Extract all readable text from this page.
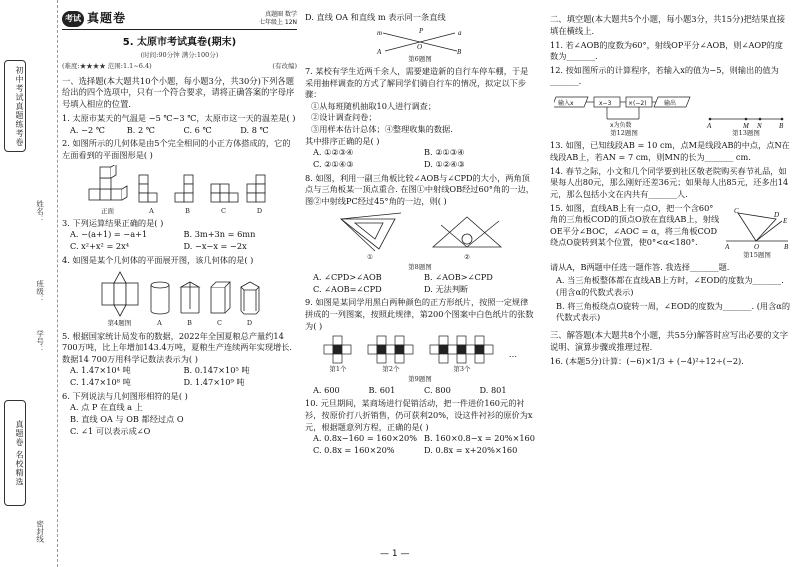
初中考试真题练考卷
姓名：
班级：
学号：
真题卷 名校精选
密封线
考试 真题卷	真题圈 数学
七年级上 12N
5. 太原市考试真卷(期末)
(时间:90分钟 满分:100分)
(难度:★★★★ 范围:1.1~6.4)	(有改编)
一、选择题(本大题共10个小题，每小题3分，共30分)下列各题给出的四个选项中，只有一个符合要求，请将正确答案的字母序号填入相应的位置.
1. 太原市某天的气温是 −5 ℃~3 ℃，太原市这一天的温差是( )
A. −2 ℃	B. 2 ℃	C. 6 ℃	D. 8 ℃
2. 如图所示的几何体是由5个完全相同的小正方体搭成的，它的左面看到的平面图形是( )
正面	A	B	C	D
3. 下列运算结果正确的是( )
A. −(a+1) = −a+1	B. 3m+3n = 6mn
C. x²+x² = 2x⁴	D. −x−x = −2x
4. 如图是某个几何体的平面展开图，该几何体的是( )
第4题图	A	B	C	D
5. 根据国家统计局发布的数据，2022年全国夏粮总产量约14 700万吨，比上年增加143.4万吨，夏粮生产连续两年实现增长. 数据14 700万用科学记数法表示为( )
A. 1.47×10⁴ 吨	B. 0.147×10⁵ 吨
C. 1.47×10⁸ 吨	D. 1.47×10⁹ 吨
6. 下列说法与几何图形相符的是( )
A. 点 P 在直线 a 上
B. 直线 OA 与 OB 都经过点 O
C. ∠1 可以表示成∠O
D. 直线 OA 和直线 m 表示同一条直线
P
O
A	B
m	a
第6题图
7. 某校有学生近两千余人，需要建造新的自行车停车棚，于是采用抽样调查的方式了解同学们骑自行车的情况，拟定以下步骤：
①从每班随机抽取10人进行调查；
②设计调查问卷；
③用样本估计总体；④整理收集的数据.
其中排序正确的是( )
A. ①②③④	B. ②①③④
C. ②①④③	D. ①②④③
8. 如图，利用一副三角板比较∠AOB与∠CPD的大小，两角顶点与三角板某一顶点重合. 在图①中射线OB经过60°角的一边，图②中射线PC经过45°角的一边，则( )
①	②
第8题图
A. ∠CPD>∠AOB	B. ∠AOB>∠CPD
C. ∠AOB=∠CPD	D. 无法判断
9. 如图是某同学用黑白两种颜色的正方形纸片，按照一定规律拼成的一列图案，按照此规律，第200个图案中白色纸片的张数为( )
第1个	第2个	第3个
…
第9题图
A. 600	B. 601	C. 800	D. 801
10. 元旦期间，某商场进行促销活动，把一件进价160元的衬衫，按原价打八折销售，仍可获利20%，设这件衬衫的原价为x元，根据题意列方程，正确的是( )
A. 0.8x−160 = 160×20% B. 160×0.8−x = 20%×160
C. 0.8x = 160×20%	D. 0.8x = x+20%×160
二、填空题(本大题共5个小题，每小题3分，共15分)把结果直接填在横线上.
11. 若∠AOB的度数为60°，射线OP平分∠AOB，则∠AOP的度数为_______.
12. 按如图所示的计算程序，若输入x的值为−5，则输出的值为_______.
输入x	x−3	×(−2)	输出
x为负数
第12题图
A	N
M	B
第13题图
13. 如图，已知线段AB = 10 cm，点M是线段AB的中点，点N在线段AB上，若AN = 7 cm，则MN的长为_______ cm.
14. 春节之际，小文和几个同学要到社区敬老院购买春节礼品，如果每人出80元，那么刚好还差36元；如果每人出85元，还多出14元，那么包括小文在内共有_______人.
15. 如图，直线AB上有一点O，把一个含60°角的三角板COD的顶点O放在直线AB上，射线OE平分∠BOC，∠AOC = α，将三角板COD绕点O旋转到某个位置，使0°<α<180°.	A	O	B
C	D
E
第15题图
请从A，B两题中任选一题作答. 我选择_______题.
A. 当三角板整体都在直线AB上方时，∠EOD的度数为_______. (用含α的代数式表示)
B. 将三角板绕点O旋转一周，∠EOD的度数为_______. (用含α的代数式表示)
三、解答题(本大题共8个小题，共55分)解答时应写出必要的文字说明、演算步骤或推理过程.
16. (本题5分)计算：(−6)×1/3 + (−4)²÷12÷(−2).
— 1 —
